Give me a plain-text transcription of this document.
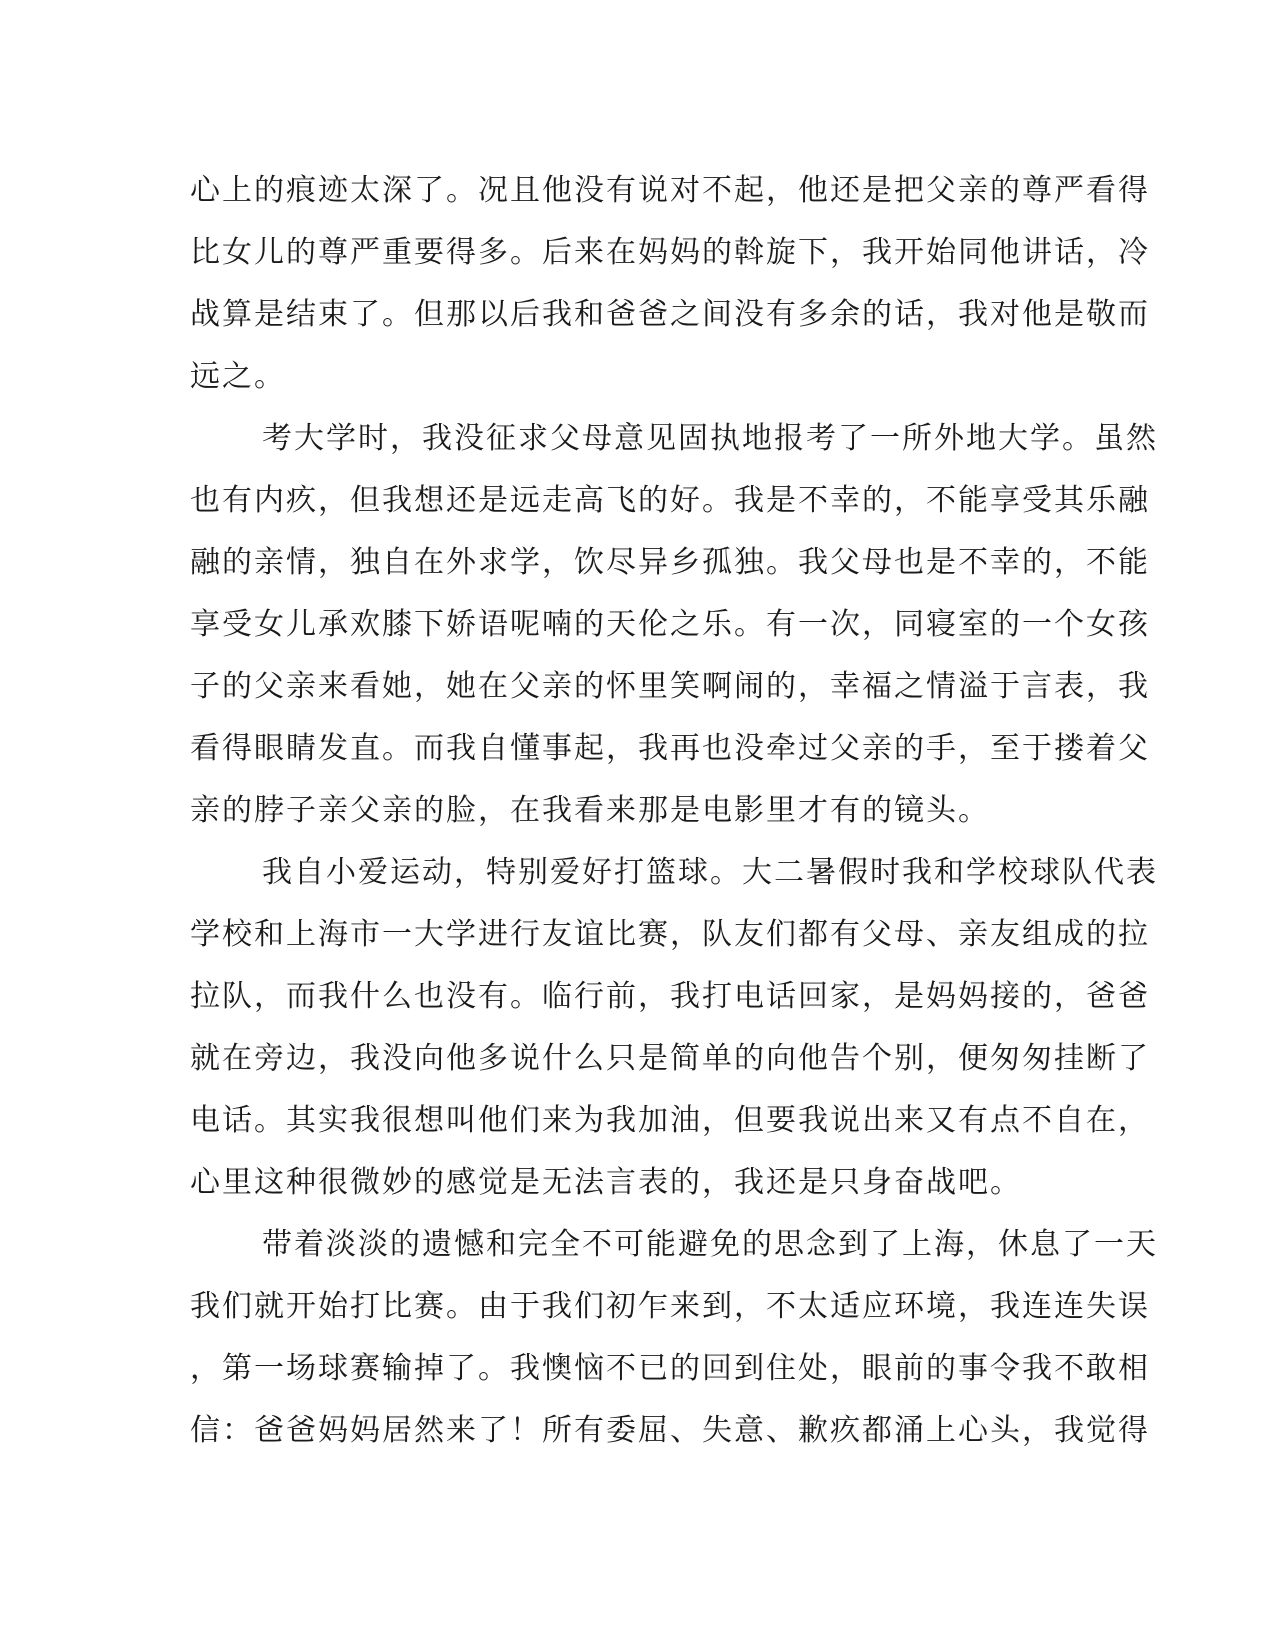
心上的痕迹太深了。况且他没有说对不起，他还是把父亲的尊严看得
比女儿的尊严重要得多。后来在妈妈的斡旋下，我开始同他讲话，冷
战算是结束了。但那以后我和爸爸之间没有多余的话，我对他是敬而
远之。
考大学时，我没征求父母意见固执地报考了一所外地大学。虽然
也有内疚，但我想还是远走高飞的好。我是不幸的，不能享受其乐融
融的亲情，独自在外求学，饮尽异乡孤独。我父母也是不幸的，不能
享受女儿承欢膝下娇语呢喃的天伦之乐。有一次，同寝室的一个女孩
子的父亲来看她，她在父亲的怀里笑啊闹的，幸福之情溢于言表，我
看得眼睛发直。而我自懂事起，我再也没牵过父亲的手，至于搂着父
亲的脖子亲父亲的脸，在我看来那是电影里才有的镜头。
我自小爱运动，特别爱好打篮球。大二暑假时我和学校球队代表
学校和上海市一大学进行友谊比赛，队友们都有父母、亲友组成的拉
拉队，而我什么也没有。临行前，我打电话回家，是妈妈接的，爸爸
就在旁边，我没向他多说什么只是简单的向他告个别，便匆匆挂断了
电话。其实我很想叫他们来为我加油，但要我说出来又有点不自在，
心里这种很微妙的感觉是无法言表的，我还是只身奋战吧。
带着淡淡的遗憾和完全不可能避免的思念到了上海，休息了一天
我们就开始打比赛。由于我们初乍来到，不太适应环境，我连连失误
，第一场球赛输掉了。我懊恼不已的回到住处，眼前的事令我不敢相
信：爸爸妈妈居然来了！所有委屈、失意、歉疚都涌上心头，我觉得
